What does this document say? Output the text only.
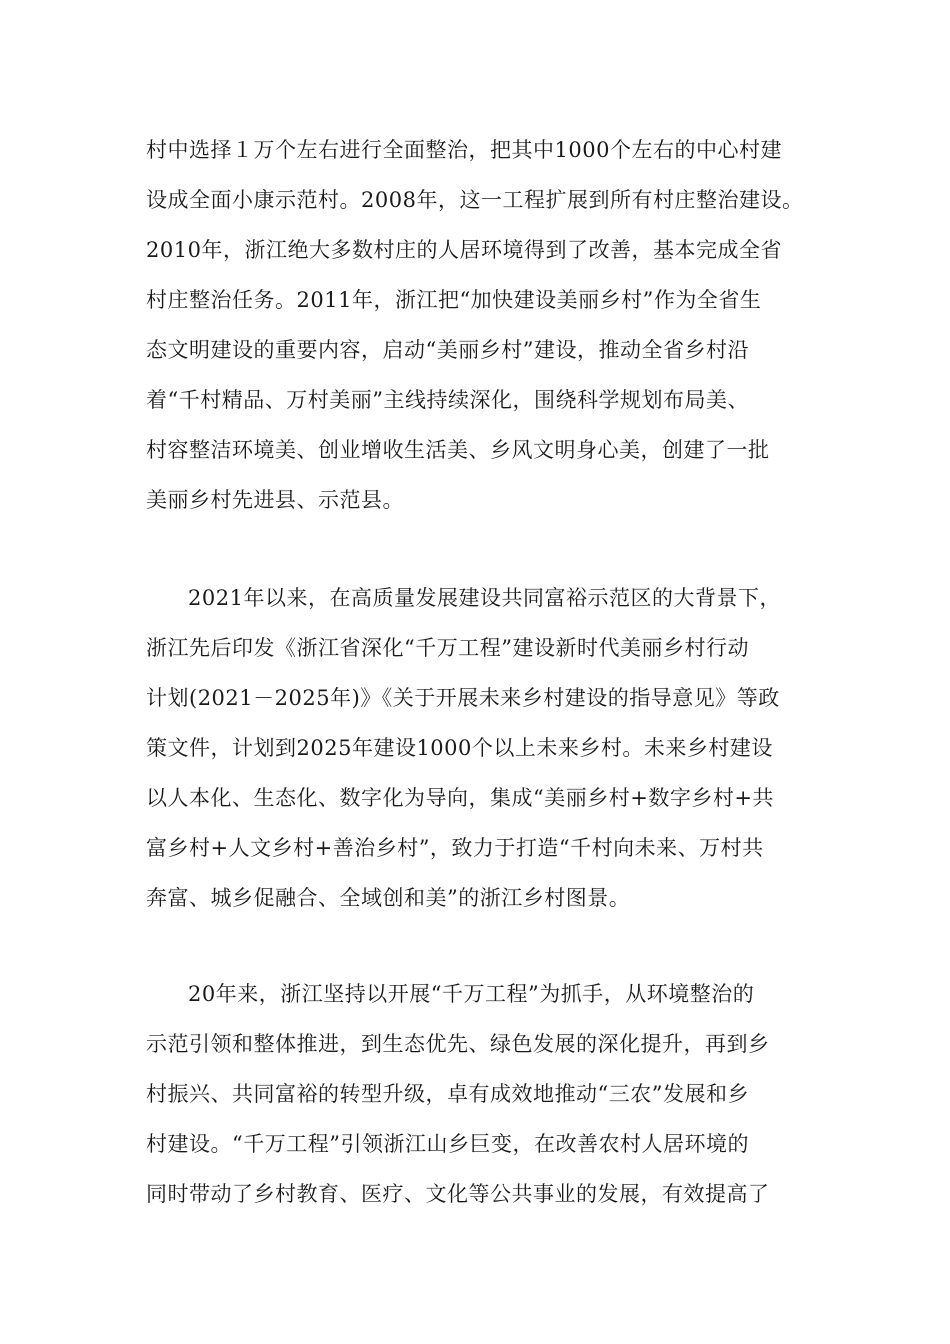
村中选择１万个左右进行全面整治，把其中1000个左右的中心村建
设成全面小康示范村。2008年，这一工程扩展到所有村庄整治建设。
2010年，浙江绝大多数村庄的人居环境得到了改善，基本完成全省
村庄整治任务。2011年，浙江把“加快建设美丽乡村”作为全省生
态文明建设的重要内容，启动“美丽乡村”建设，推动全省乡村沿
着“千村精品、万村美丽”主线持续深化，围绕科学规划布局美、
村容整洁环境美、创业增收生活美、乡风文明身心美，创建了一批
美丽乡村先进县、示范县。
2021年以来，在高质量发展建设共同富裕示范区的大背景下，
浙江先后印发《浙江省深化“千万工程”建设新时代美丽乡村行动
计划(2021－2025年)》《关于开展未来乡村建设的指导意见》等政
策文件，计划到2025年建设1000个以上未来乡村。未来乡村建设
以人本化、生态化、数字化为导向，集成“美丽乡村+数字乡村+共
富乡村+人文乡村+善治乡村”，致力于打造“千村向未来、万村共
奔富、城乡促融合、全域创和美”的浙江乡村图景。
20年来，浙江坚持以开展“千万工程”为抓手，从环境整治的
示范引领和整体推进，到生态优先、绿色发展的深化提升，再到乡
村振兴、共同富裕的转型升级，卓有成效地推动“三农”发展和乡
村建设。“千万工程”引领浙江山乡巨变，在改善农村人居环境的
同时带动了乡村教育、医疗、文化等公共事业的发展，有效提高了
